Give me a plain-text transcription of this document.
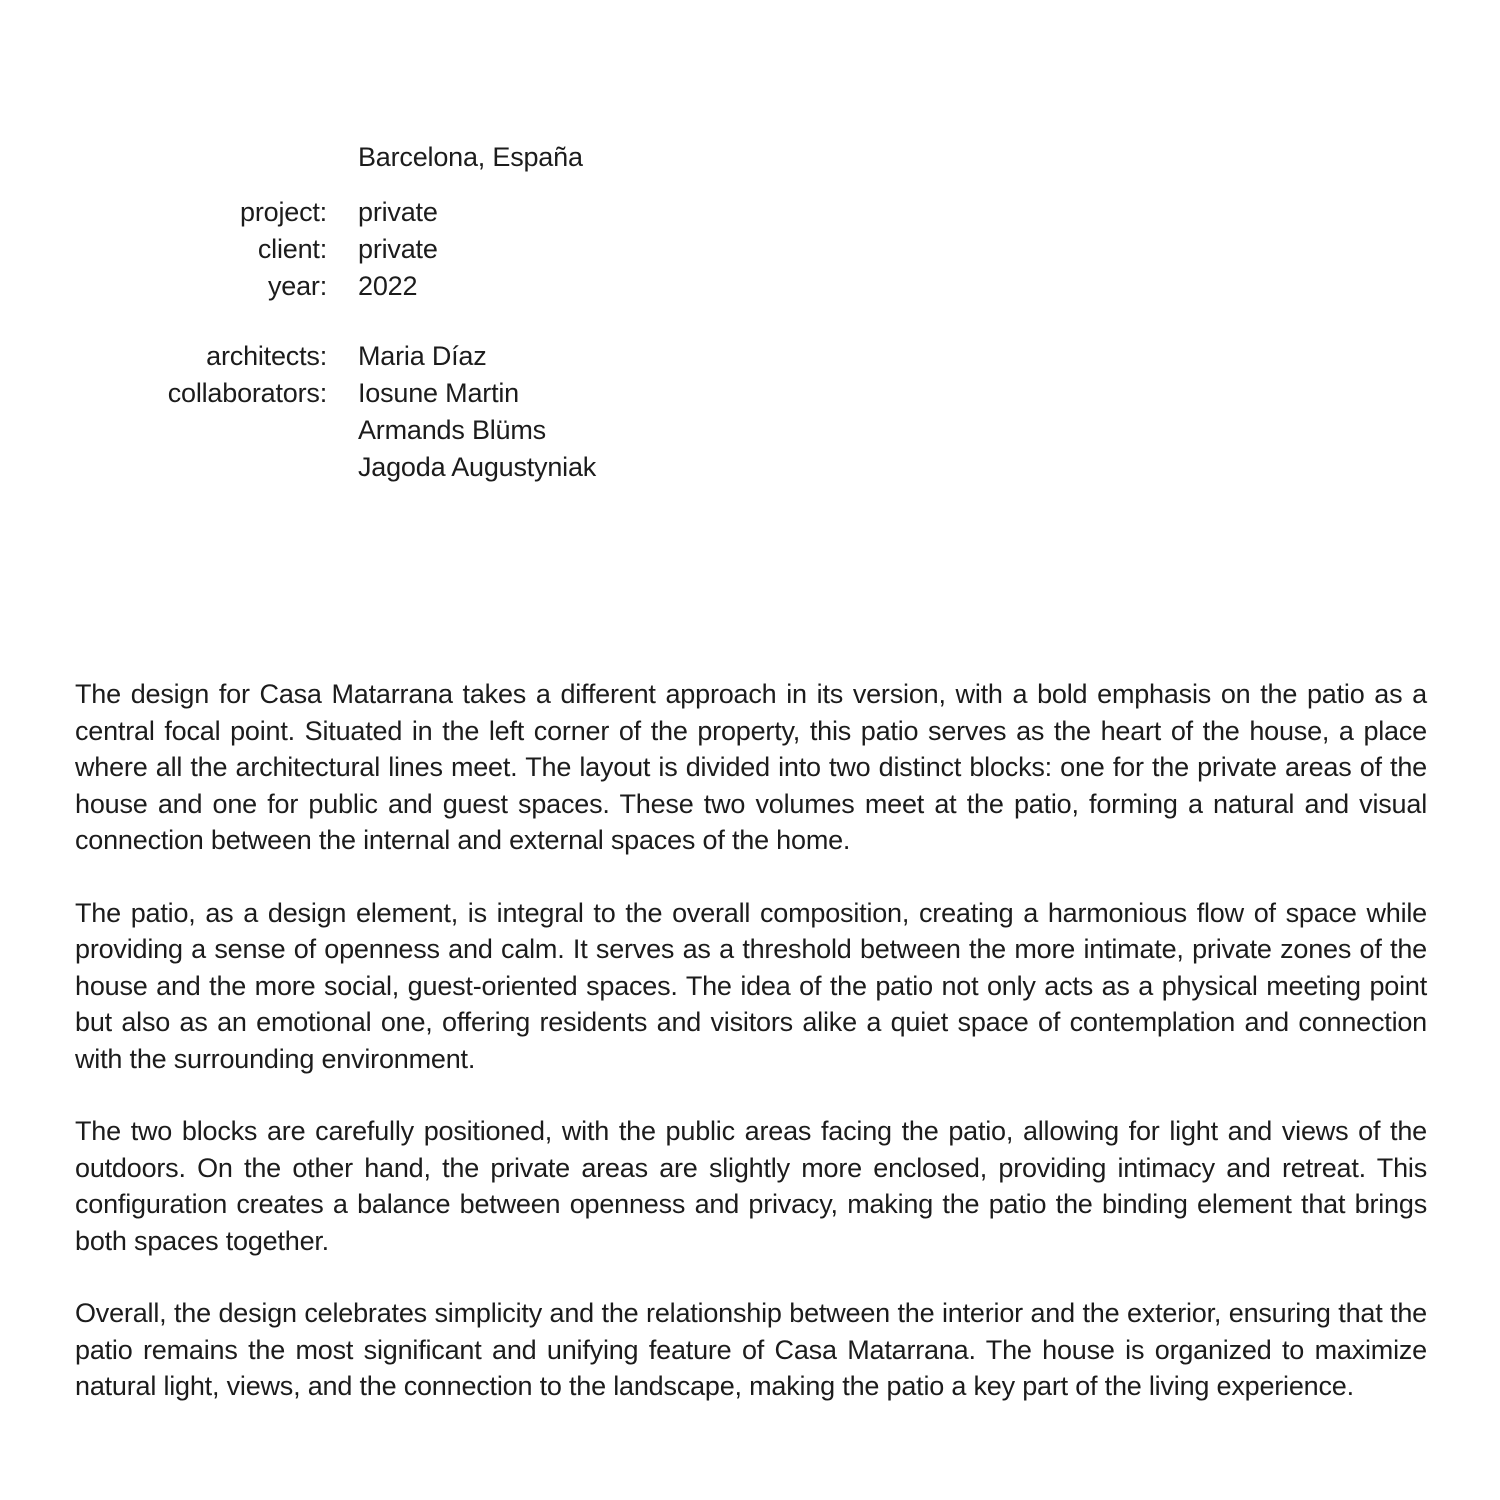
Barcelona, España
project: private
client: private
year: 2022
architects: Maria Díaz
collaborators: Iosune Martin
Armands Blüms
Jagoda Augustyniak

The design for Casa Matarrana takes a different approach in its version, with a bold emphasis on the patio as a central focal point. Situated in the left corner of the property, this patio serves as the heart of the house, a place where all the architectural lines meet. The layout is divided into two distinct blocks: one for the private areas of the house and one for public and guest spaces. These two volumes meet at the patio, forming a natural and visual connection between the internal and external spaces of the home.

The patio, as a design element, is integral to the overall composition, creating a harmonious flow of space while providing a sense of openness and calm. It serves as a threshold between the more intimate, private zones of the house and the more social, guest-oriented spaces. The idea of the patio not only acts as a physical meeting point but also as an emotional one, offering residents and visitors alike a quiet space of contemplation and connection with the surrounding environment.

The two blocks are carefully positioned, with the public areas facing the patio, allowing for light and views of the outdoors. On the other hand, the private areas are slightly more enclosed, providing intimacy and retreat. This configuration creates a balance between openness and privacy, making the patio the binding element that brings both spaces together.

Overall, the design celebrates simplicity and the relationship between the interior and the exterior, ensuring that the patio remains the most significant and unifying feature of Casa Matarrana. The house is organized to maximize natural light, views, and the connection to the landscape, making the patio a key part of the living experience.
